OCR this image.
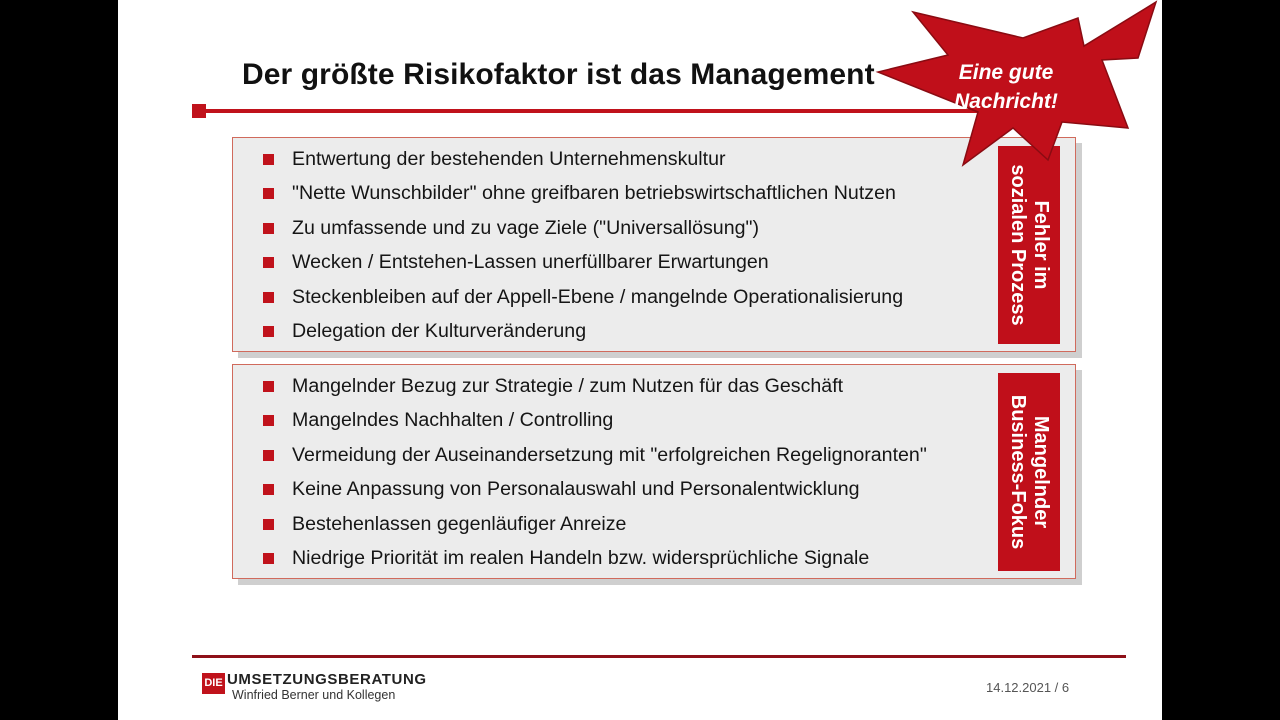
Der größte Risikofaktor ist das Management
Entwertung der bestehenden Unternehmenskultur
"Nette Wunschbilder" ohne greifbaren betriebswirtschaftlichen Nutzen
Zu umfassende und zu vage Ziele ("Universallösung")
Wecken / Entstehen-Lassen unerfüllbarer Erwartungen
Steckenbleiben auf der Appell-Ebene / mangelnde Operationalisierung
Delegation der Kulturveränderung
Fehler im
sozialen Prozess
Mangelnder Bezug zur Strategie / zum Nutzen für das Geschäft
Mangelndes Nachhalten / Controlling
Vermeidung der Auseinandersetzung mit "erfolgreichen Regelignoranten"
Keine Anpassung von Personalauswahl und Personalentwicklung
Bestehenlassen gegenläufiger Anreize
Niedrige Priorität im realen Handeln bzw. widersprüchliche Signale
Mangelnder
Business-Fokus
Eine gute
Nachricht!
DIE UMSETZUNGSBERATUNG
Winfried Berner und Kollegen	14.12.2021 / 6
